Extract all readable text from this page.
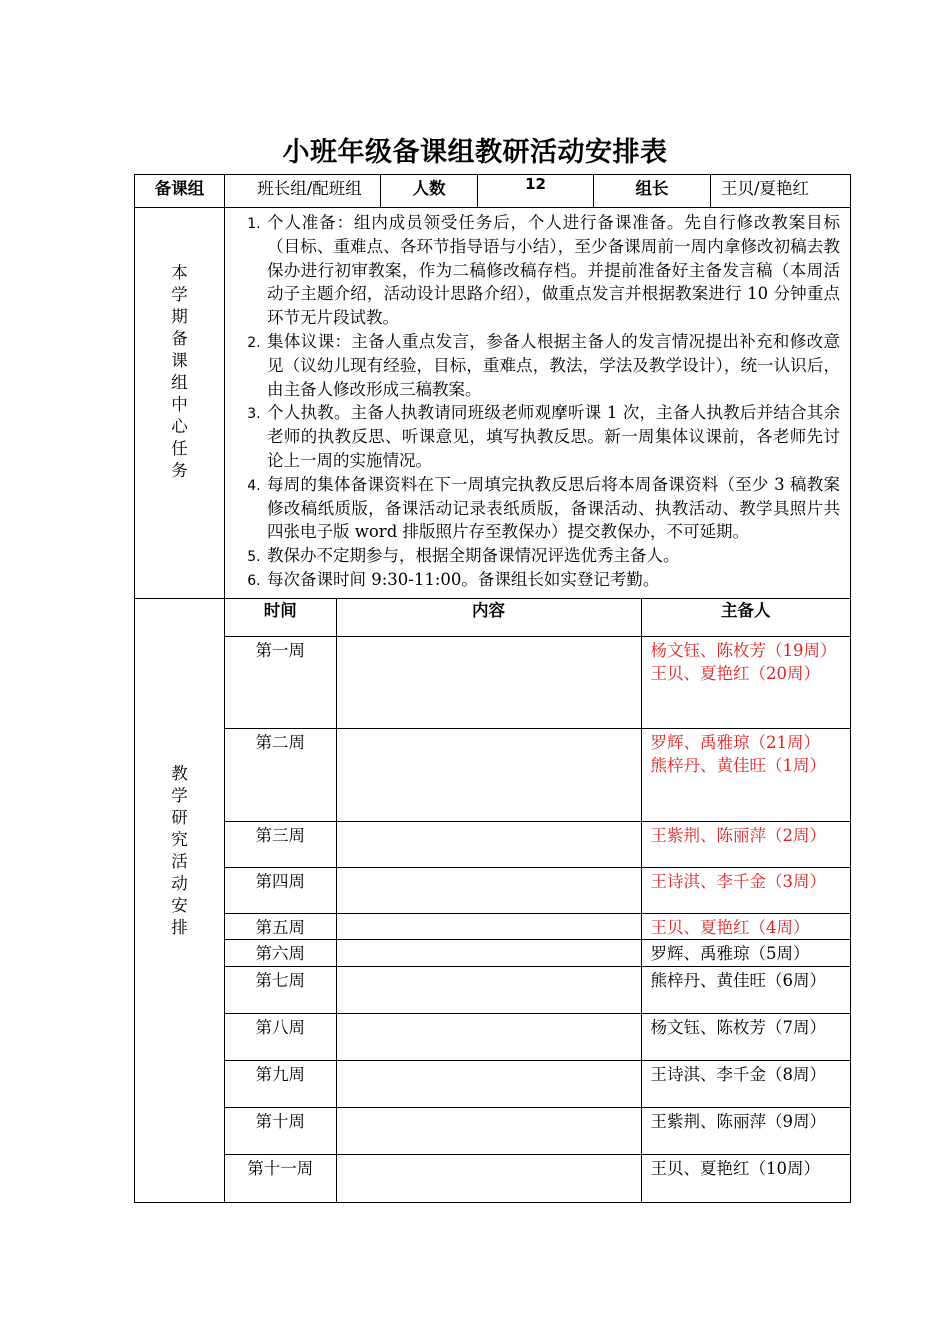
小班年级备课组教研活动安排表
备课组	班长组/配班组	人数	12	组长	王贝/夏艳红

本
学
期
备
课
组
中
心
任
务

1. 个人准备：组内成员领受任务后，个人进行备课准备。先自行修改教案目标（目标、重难点、各环节指导语与小结），至少备课周前一周内拿修改初稿去教保办进行初审教案，作为二稿修改稿存档。并提前准备好主备发言稿（本周活动子主题介绍，活动设计思路介绍），做重点发言并根据教案进行 10 分钟重点环节无片段试教。
2. 集体议课：主备人重点发言，参备人根据主备人的发言情况提出补充和修改意见（议幼儿现有经验，目标，重难点，教法，学法及教学设计），统一认识后，由主备人修改形成三稿教案。
3. 个人执教。主备人执教请同班级老师观摩听课 1 次，主备人执教后并结合其余老师的执教反思、听课意见，填写执教反思。新一周集体议课前，各老师先讨论上一周的实施情况。
4. 每周的集体备课资料在下一周填完执教反思后将本周备课资料（至少 3 稿教案修改稿纸质版，备课活动记录表纸质版，备课活动、执教活动、教学具照片共四张电子版 word 排版照片存至教保办）提交教保办，不可延期。
5. 教保办不定期参与，根据全期备课情况评选优秀主备人。
6. 每次备课时间 9:30-11:00。备课组长如实登记考勤。

教
学
研
究
活
动
安
排

时间	内容	主备人
第一周		杨文钰、陈枚芳（19周）
王贝、夏艳红（20周）

第二周		罗辉、禹雅琼（21周）
熊梓丹、黄佳旺（1周）

第三周		王紫荆、陈丽萍（2周）

第四周		王诗淇、李千金（3周）

第五周		王贝、夏艳红（4周）

第六周		罗辉、禹雅琼（5周）

第七周		熊梓丹、黄佳旺（6周）

第八周		杨文钰、陈枚芳（7周）

第九周		王诗淇、李千金（8周）

第十周		王紫荆、陈丽萍（9周）

第十一周		王贝、夏艳红（10周）
